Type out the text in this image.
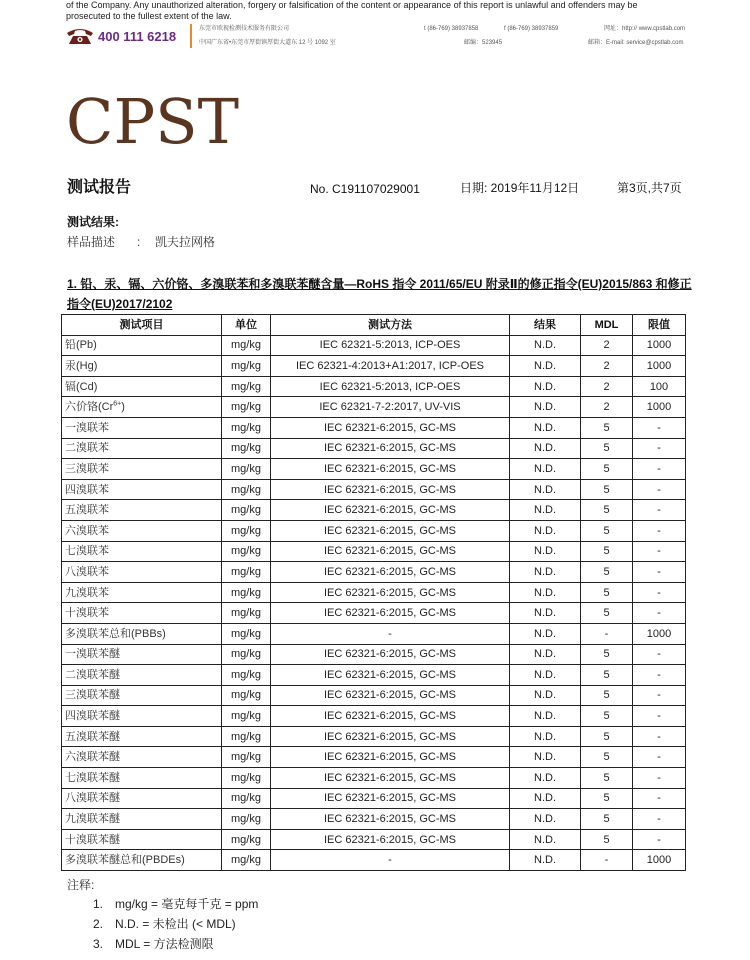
of the Company. Any unauthorized alteration, forgery or falsification of the content or appearance of this report is unlawful and offenders may be
prosecuted to the fullest extent of the law.
400 111 6218	东莞市欧视检测技术服务有限公司
中国广东省•东莞市厚街镇厚街大道东 12 号 1092 室
t (86-769) 38937858	f (86-769) 38937859
邮编：523945
网址：http:// www.cpstlab.com
邮箱：E-mail: service@cpstlab.com
CPST
测试报告	No. C191107029001	日期: 2019年11月12日	第3页,共7页
测试结果:
样品描述 : 凯夫拉网格
1. 铅、汞、镉、六价铬、多溴联苯和多溴联苯醚含量—RoHS 指令 2011/65/EU 附录Ⅱ的修正指令(EU)2015/863 和修正指令(EU)2017/2102
测试项目	单位	测试方法	结果	MDL	限值
铅(Pb)	mg/kg	IEC 62321-5:2013, ICP-OES	N.D.	2	1000
汞(Hg)	mg/kg	IEC 62321-4:2013+A1:2017, ICP-OES	N.D.	2	1000
镉(Cd)	mg/kg	IEC 62321-5:2013, ICP-OES	N.D.	2	100
六价铬$(Cr^{6+})$	mg/kg	IEC 62321-7-2:2017, UV-VIS	N.D.	2	1000
一溴联苯	mg/kg	IEC 62321-6:2015, GC-MS	N.D.	5	-
二溴联苯	mg/kg	IEC 62321-6:2015, GC-MS	N.D.	5	-
三溴联苯	mg/kg	IEC 62321-6:2015, GC-MS	N.D.	5	-
四溴联苯	mg/kg	IEC 62321-6:2015, GC-MS	N.D.	5	-
五溴联苯	mg/kg	IEC 62321-6:2015, GC-MS	N.D.	5	-
六溴联苯	mg/kg	IEC 62321-6:2015, GC-MS	N.D.	5	-
七溴联苯	mg/kg	IEC 62321-6:2015, GC-MS	N.D.	5	-
八溴联苯	mg/kg	IEC 62321-6:2015, GC-MS	N.D.	5	-
九溴联苯	mg/kg	IEC 62321-6:2015, GC-MS	N.D.	5	-
十溴联苯	mg/kg	IEC 62321-6:2015, GC-MS	N.D.	5	-
多溴联苯总和(PBBs)	mg/kg	-	N.D.	-	1000
一溴联苯醚	mg/kg	IEC 62321-6:2015, GC-MS	N.D.	5	-
二溴联苯醚	mg/kg	IEC 62321-6:2015, GC-MS	N.D.	5	-
三溴联苯醚	mg/kg	IEC 62321-6:2015, GC-MS	N.D.	5	-
四溴联苯醚	mg/kg	IEC 62321-6:2015, GC-MS	N.D.	5	-
五溴联苯醚	mg/kg	IEC 62321-6:2015, GC-MS	N.D.	5	-
六溴联苯醚	mg/kg	IEC 62321-6:2015, GC-MS	N.D.	5	-
七溴联苯醚	mg/kg	IEC 62321-6:2015, GC-MS	N.D.	5	-
八溴联苯醚	mg/kg	IEC 62321-6:2015, GC-MS	N.D.	5	-
九溴联苯醚	mg/kg	IEC 62321-6:2015, GC-MS	N.D.	5	-
十溴联苯醚	mg/kg	IEC 62321-6:2015, GC-MS	N.D.	5	-
多溴联苯醚总和(PBDEs)	mg/kg	-	N.D.	-	1000
注释:
1. mg/kg = 毫克每千克 = ppm
2. N.D. = 未检出 (< MDL)
3. MDL = 方法检测限
